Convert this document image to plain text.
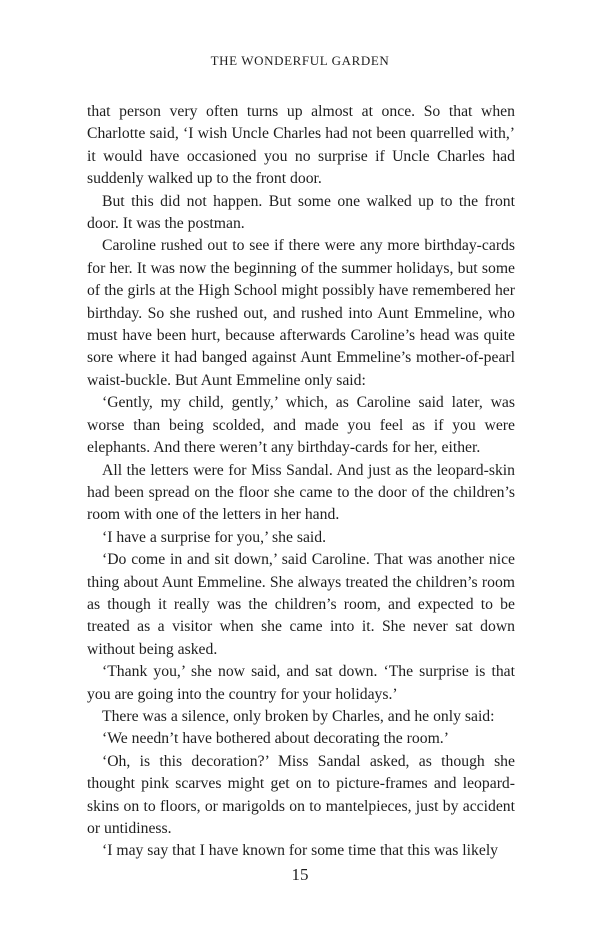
THE WONDERFUL GARDEN

that person very often turns up almost at once. So that when Charlotte said, ‘I wish Uncle Charles had not been quarrelled with,’ it would have occasioned you no surprise if Uncle Charles had suddenly walked up to the front door.

But this did not happen. But some one walked up to the front door. It was the postman.

Caroline rushed out to see if there were any more birthday-cards for her. It was now the beginning of the summer holidays, but some of the girls at the High School might possibly have remembered her birthday. So she rushed out, and rushed into Aunt Emmeline, who must have been hurt, because afterwards Caroline’s head was quite sore where it had banged against Aunt Emmeline’s mother-of-pearl waist-buckle. But Aunt Emmeline only said:

‘Gently, my child, gently,’ which, as Caroline said later, was worse than being scolded, and made you feel as if you were elephants. And there weren’t any birthday-cards for her, either.

All the letters were for Miss Sandal. And just as the leopard-skin had been spread on the floor she came to the door of the children’s room with one of the letters in her hand.

‘I have a surprise for you,’ she said.

‘Do come in and sit down,’ said Caroline. That was another nice thing about Aunt Emmeline. She always treated the children’s room as though it really was the children’s room, and expected to be treated as a visitor when she came into it. She never sat down without being asked.

‘Thank you,’ she now said, and sat down. ‘The surprise is that you are going into the country for your holidays.’

There was a silence, only broken by Charles, and he only said:

‘We needn’t have bothered about decorating the room.’

‘Oh, is this decoration?’ Miss Sandal asked, as though she thought pink scarves might get on to picture-frames and leopard-skins on to floors, or marigolds on to mantelpieces, just by accident or untidiness.

‘I may say that I have known for some time that this was likely

15
